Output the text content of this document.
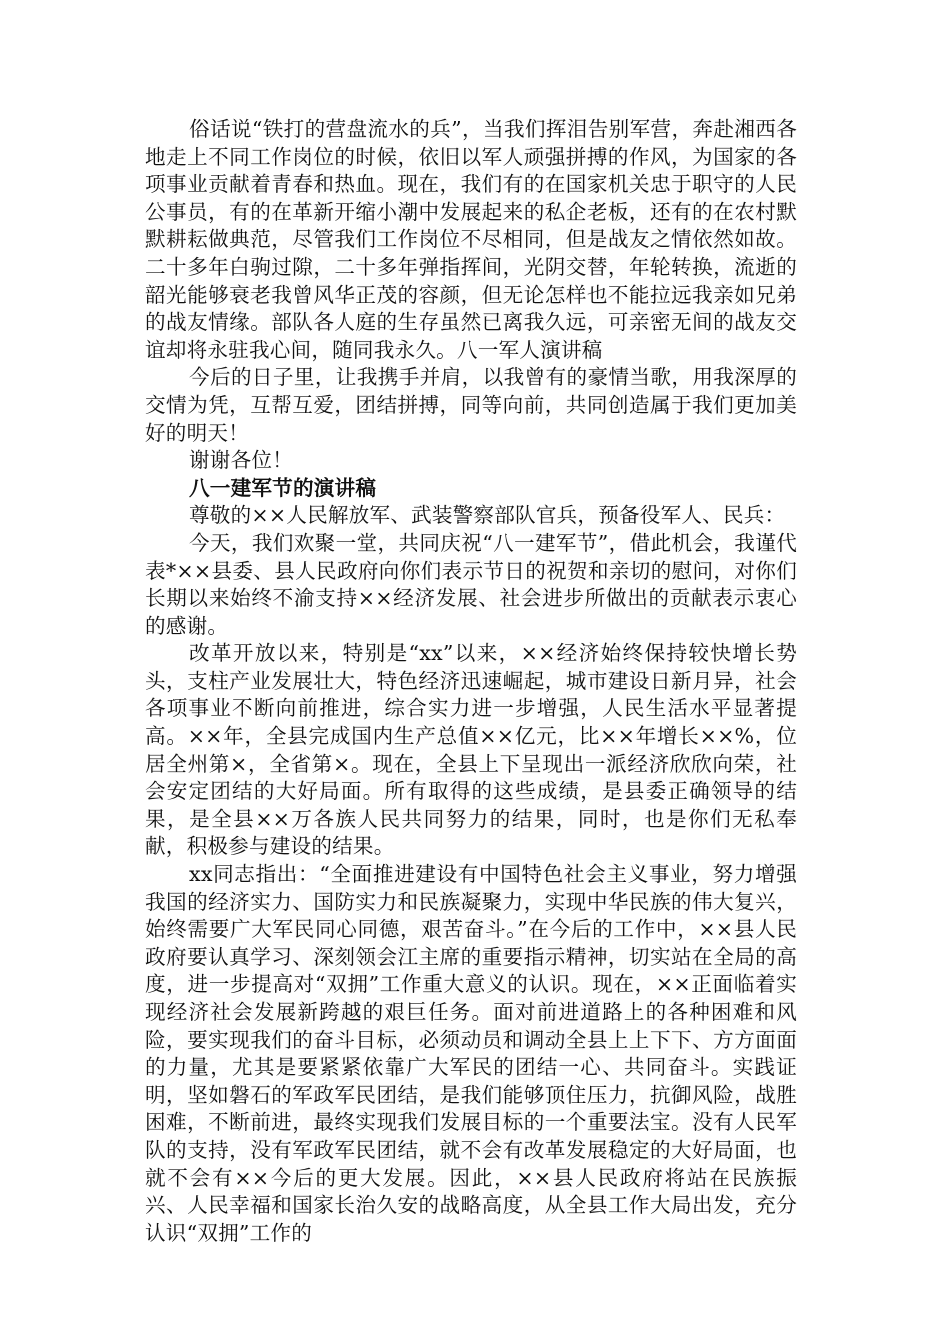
俗话说“铁打的营盘流水的兵”，当我们挥泪告别军营，奔赴湘西各地走上不同工作岗位的时候，依旧以军人顽强拼搏的作风，为国家的各项事业贡献着青春和热血。现在，我们有的在国家机关忠于职守的人民公事员，有的在革新开缩小潮中发展起来的私企老板，还有的在农村默默耕耘做典范，尽管我们工作岗位不尽相同，但是战友之情依然如故。二十多年白驹过隙，二十多年弹指挥间，光阴交替，年轮转换，流逝的韶光能够衰老我曾风华正茂的容颜，但无论怎样也不能拉远我亲如兄弟的战友情缘。部队各人庭的生存虽然已离我久远，可亲密无间的战友交谊却将永驻我心间，随同我永久。八一军人演讲稿

今后的日子里，让我携手并肩，以我曾有的豪情当歌，用我深厚的交情为凭，互帮互爱，团结拼搏，同等向前，共同创造属于我们更加美好的明天！

谢谢各位！

八一建军节的演讲稿

尊敬的××人民解放军、武装警察部队官兵，预备役军人、民兵：

今天，我们欢聚一堂，共同庆祝“八一建军节”，借此机会，我谨代表*××县委、县人民政府向你们表示节日的祝贺和亲切的慰问，对你们长期以来始终不渝支持××经济发展、社会进步所做出的贡献表示衷心的感谢。

改革开放以来，特别是“xx”以来，××经济始终保持较快增长势头，支柱产业发展壮大，特色经济迅速崛起，城市建设日新月异，社会各项事业不断向前推进，综合实力进一步增强，人民生活水平显著提高。××年，全县完成国内生产总值××亿元，比××年增长××%，位居全州第×，全省第×。现在，全县上下呈现出一派经济欣欣向荣，社会安定团结的大好局面。所有取得的这些成绩，是县委正确领导的结果，是全县××万各族人民共同努力的结果，同时，也是你们无私奉献，积极参与建设的结果。

xx同志指出：“全面推进建设有中国特色社会主义事业，努力增强我国的经济实力、国防实力和民族凝聚力，实现中华民族的伟大复兴，始终需要广大军民同心同德，艰苦奋斗。”在今后的工作中，××县人民政府要认真学习、深刻领会江主席的重要指示精神，切实站在全局的高度，进一步提高对“双拥”工作重大意义的认识。现在，××正面临着实现经济社会发展新跨越的艰巨任务。面对前进道路上的各种困难和风险，要实现我们的奋斗目标，必须动员和调动全县上上下下、方方面面的力量，尤其是要紧紧依靠广大军民的团结一心、共同奋斗。实践证明，坚如磐石的军政军民团结，是我们能够顶住压力，抗御风险，战胜困难，不断前进，最终实现我们发展目标的一个重要法宝。没有人民军队的支持，没有军政军民团结，就不会有改革发展稳定的大好局面，也就不会有××今后的更大发展。因此，××县人民政府将站在民族振兴、人民幸福和国家长治久安的战略高度，从全县工作大局出发，充分认识“双拥”工作的
